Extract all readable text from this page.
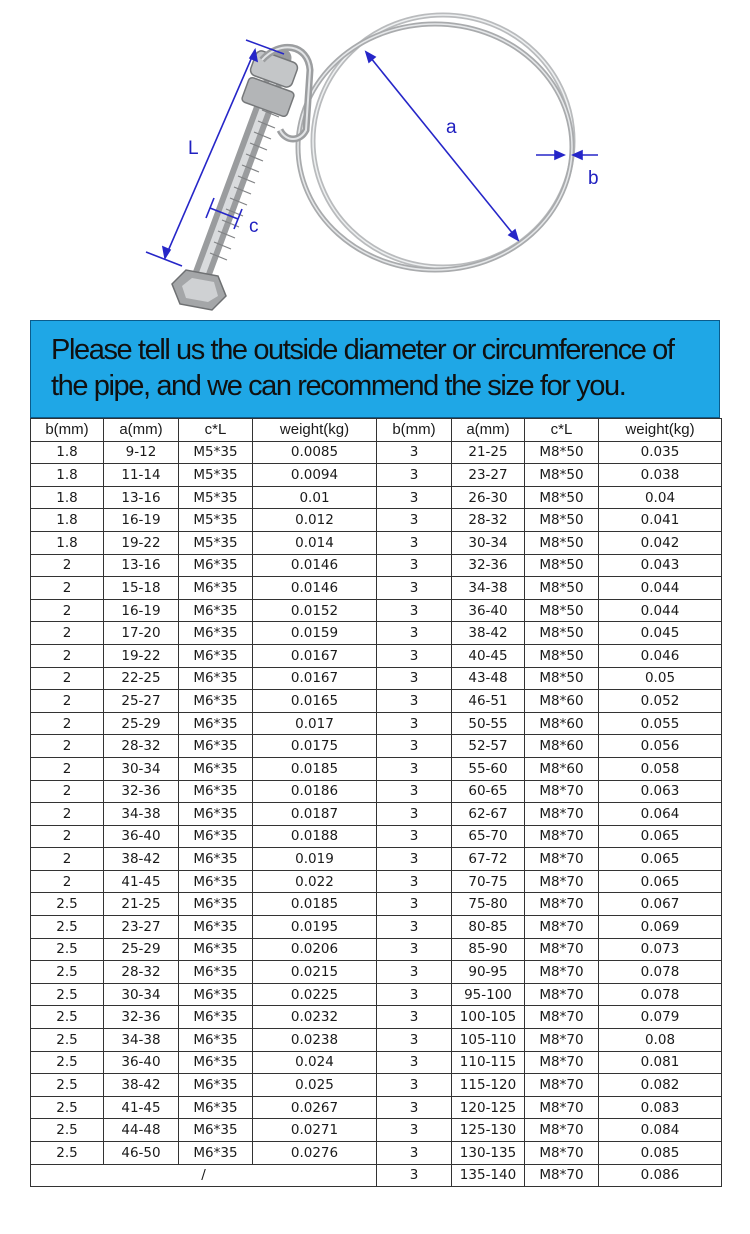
L
a
b
c
Please tell us the outside diameter or circumference of
the pipe, and we can recommend the size for you.
b(mm)	a(mm)	c*L	weight(kg)	b(mm)	a(mm)	c*L	weight(kg)
1.8	9-12	M5*35	0.0085	3	21-25	M8*50	0.035
1.8	11-14	M5*35	0.0094	3	23-27	M8*50	0.038
1.8	13-16	M5*35	0.01	3	26-30	M8*50	0.04
1.8	16-19	M5*35	0.012	3	28-32	M8*50	0.041
1.8	19-22	M5*35	0.014	3	30-34	M8*50	0.042
2	13-16	M6*35	0.0146	3	32-36	M8*50	0.043
2	15-18	M6*35	0.0146	3	34-38	M8*50	0.044
2	16-19	M6*35	0.0152	3	36-40	M8*50	0.044
2	17-20	M6*35	0.0159	3	38-42	M8*50	0.045
2	19-22	M6*35	0.0167	3	40-45	M8*50	0.046
2	22-25	M6*35	0.0167	3	43-48	M8*50	0.05
2	25-27	M6*35	0.0165	3	46-51	M8*60	0.052
2	25-29	M6*35	0.017	3	50-55	M8*60	0.055
2	28-32	M6*35	0.0175	3	52-57	M8*60	0.056
2	30-34	M6*35	0.0185	3	55-60	M8*60	0.058
2	32-36	M6*35	0.0186	3	60-65	M8*70	0.063
2	34-38	M6*35	0.0187	3	62-67	M8*70	0.064
2	36-40	M6*35	0.0188	3	65-70	M8*70	0.065
2	38-42	M6*35	0.019	3	67-72	M8*70	0.065
2	41-45	M6*35	0.022	3	70-75	M8*70	0.065
2.5	21-25	M6*35	0.0185	3	75-80	M8*70	0.067
2.5	23-27	M6*35	0.0195	3	80-85	M8*70	0.069
2.5	25-29	M6*35	0.0206	3	85-90	M8*70	0.073
2.5	28-32	M6*35	0.0215	3	90-95	M8*70	0.078
2.5	30-34	M6*35	0.0225	3	95-100	M8*70	0.078
2.5	32-36	M6*35	0.0232	3	100-105	M8*70	0.079
2.5	34-38	M6*35	0.0238	3	105-110	M8*70	0.08
2.5	36-40	M6*35	0.024	3	110-115	M8*70	0.081
2.5	38-42	M6*35	0.025	3	115-120	M8*70	0.082
2.5	41-45	M6*35	0.0267	3	120-125	M8*70	0.083
2.5	44-48	M6*35	0.0271	3	125-130	M8*70	0.084
2.5	46-50	M6*35	0.0276	3	130-135	M8*70	0.085
/				3	135-140	M8*70	0.086
